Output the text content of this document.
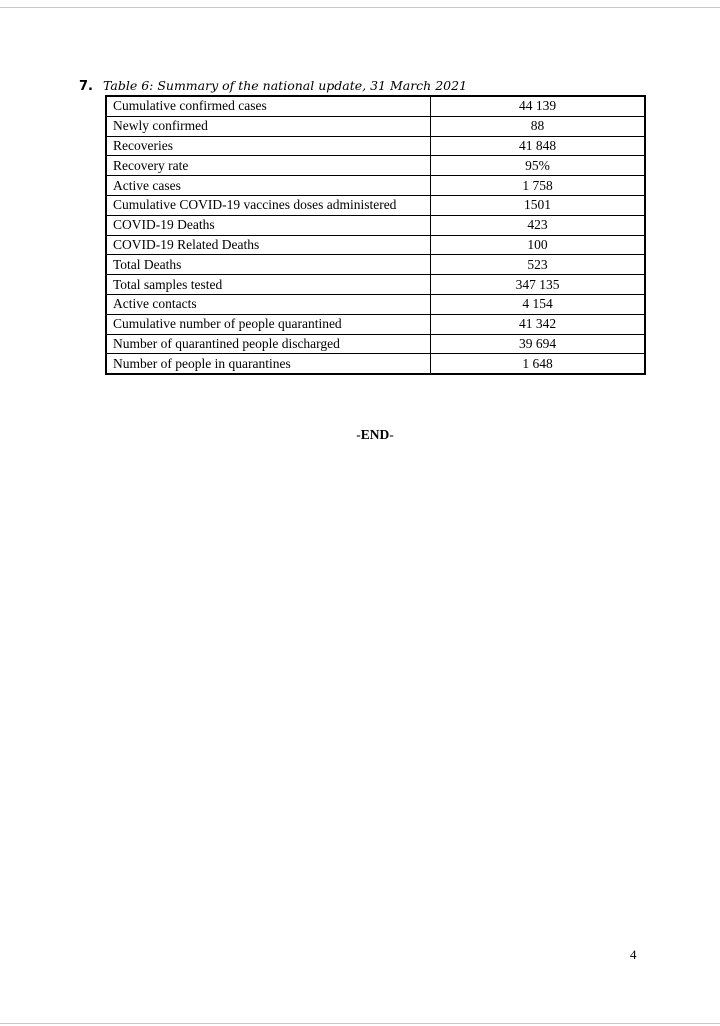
7. Table 6: Summary of the national update, 31 March 2021
Cumulative confirmed cases	44 139
Newly confirmed	88
Recoveries	41 848
Recovery rate	95%
Active cases	1 758
Cumulative COVID-19 vaccines doses administered	1501
COVID-19 Deaths	423
COVID-19 Related Deaths	100
Total Deaths	523
Total samples tested	347 135
Active contacts	4 154
Cumulative number of people quarantined	41 342
Number of quarantined people discharged	39 694
Number of people in quarantines	1 648
-END-
4
